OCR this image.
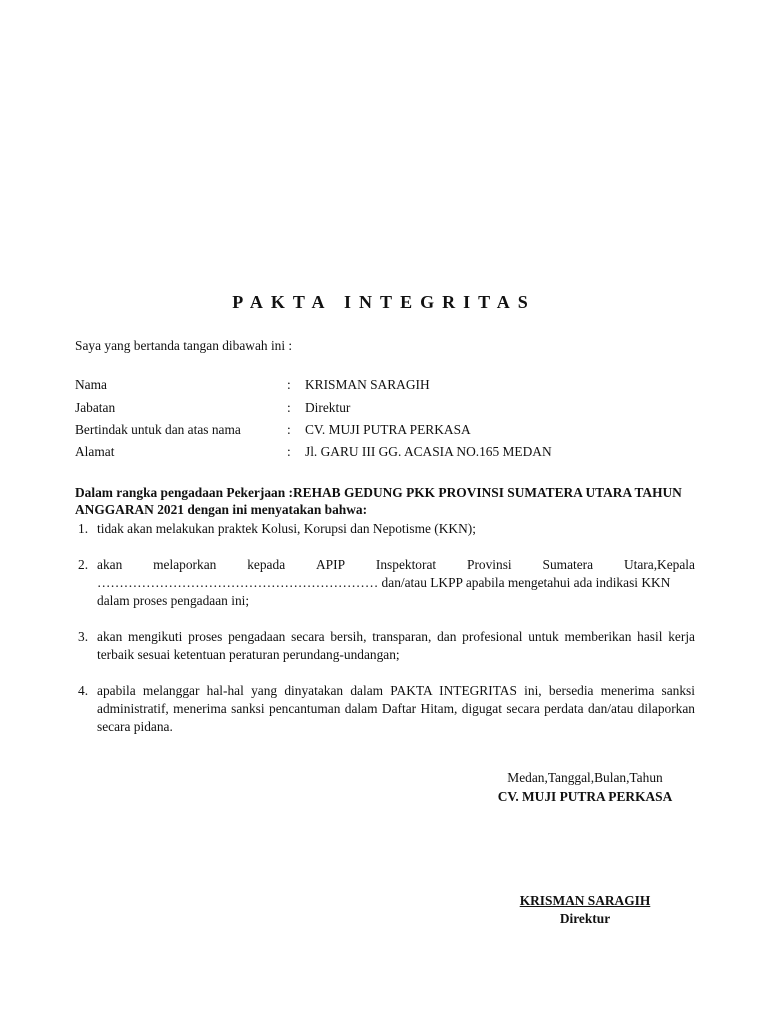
PAKTA INTEGRITAS
Saya yang bertanda tangan dibawah ini :
Nama	: KRISMAN SARAGIH
Jabatan	: Direktur
Bertindak untuk dan atas nama	: CV. MUJI PUTRA PERKASA
Alamat	: Jl. GARU III GG. ACASIA NO.165 MEDAN
Dalam rangka pengadaan Pekerjaan :REHAB GEDUNG PKK PROVINSI SUMATERA UTARA TAHUN
ANGGARAN 2021 dengan ini menyatakan bahwa:
1. tidak akan melakukan praktek Kolusi, Korupsi dan Nepotisme (KKN);
2. akan melaporkan kepada APIP Inspektorat Provinsi Sumatera Utara,Kepala
……………………………………………………… dan/atau LKPP apabila mengetahui ada indikasi KKN
dalam proses pengadaan ini;
3. akan mengikuti proses pengadaan secara bersih, transparan, dan profesional untuk memberikan hasil kerja terbaik sesuai ketentuan peraturan perundang-undangan;
4. apabila melanggar hal-hal yang dinyatakan dalam PAKTA INTEGRITAS ini, bersedia menerima sanksi administratif, menerima sanksi pencantuman dalam Daftar Hitam, digugat secara perdata dan/atau dilaporkan secara pidana.
Medan,Tanggal,Bulan,Tahun
CV. MUJI PUTRA PERKASA
KRISMAN SARAGIH
Direktur
